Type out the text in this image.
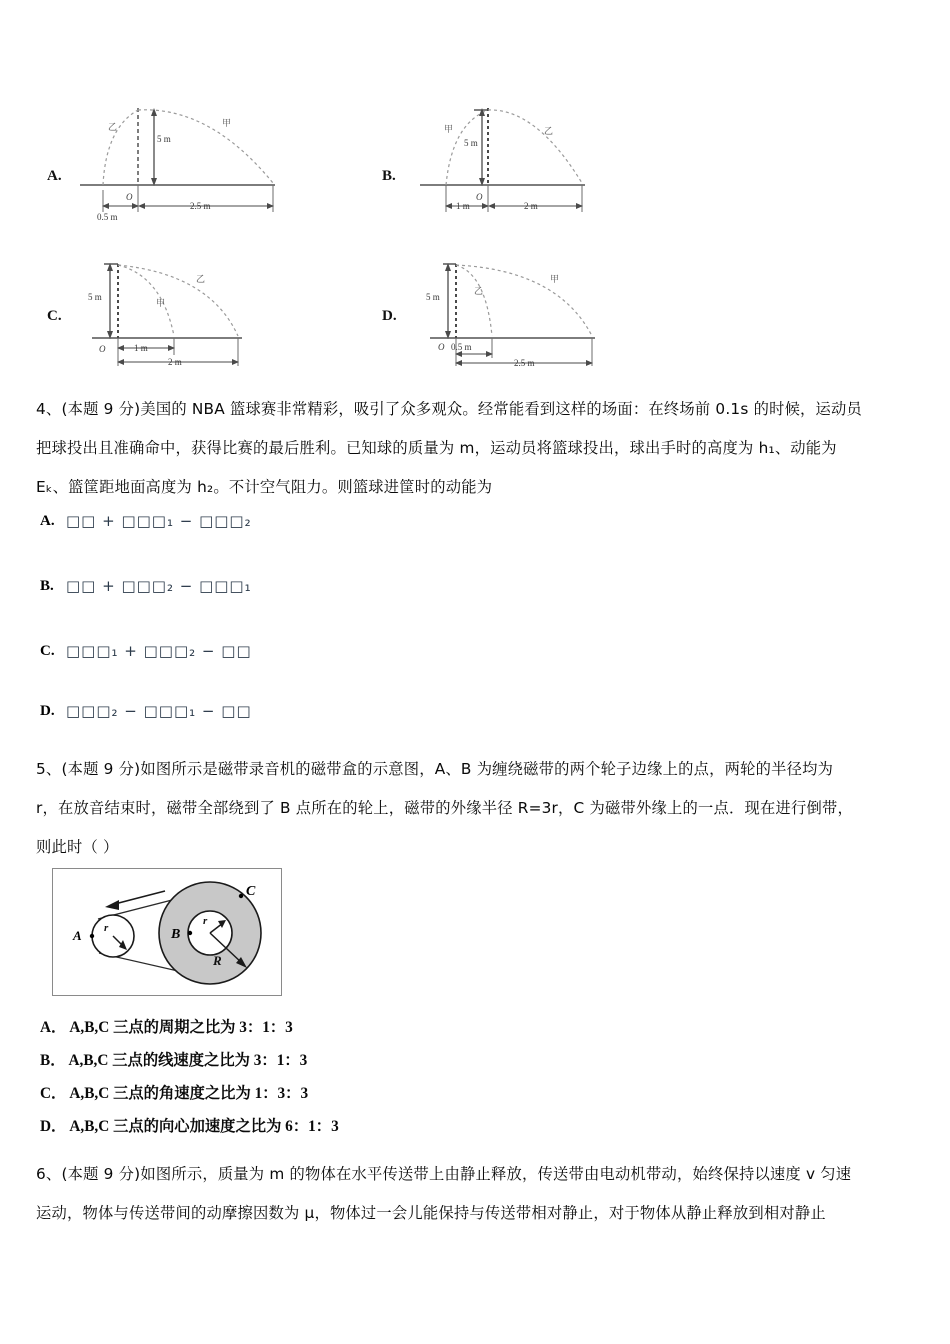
A.
5 m
O
0.5 m
2.5 m
乙	甲
B.
5 m
O
1 m	2 m
甲	乙
C.
5 m
O	1 m
2 m
甲
乙
D.
5 m
O 0.5 m
2.5 m
乙
甲
4、(本题 9 分)美国的 NBA 篮球赛非常精彩，吸引了众多观众。经常能看到这样的场面：在终场前 0.1s 的时候，运动员
把球投出且准确命中，获得比赛的最后胜利。已知球的质量为 m，运动员将篮球投出，球出手时的高度为 h₁、动能为
Eₖ、篮筐距地面高度为 h₂。不计空气阻力。则篮球进筐时的动能为
A. □□ + □□□₁ − □□□₂
B. □□ + □□□₂ − □□□₁
C. □□□₁ + □□□₂ − □□
D. □□□₂ − □□□₁ − □□
5、(本题 9 分)如图所示是磁带录音机的磁带盒的示意图，A、B 为缠绕磁带的两个轮子边缘上的点，两轮的半径均为
r，在放音结束时，磁带全部绕到了 B 点所在的轮上，磁带的外缘半径 R=3r，C 为磁带外缘上的一点．现在进行倒带，
则此时（ ）
r
A	B
r
R
C
A． A,B,C 三点的周期之比为 3：1：3
B． A,B,C 三点的线速度之比为 3：1：3
C． A,B,C 三点的角速度之比为 1：3：3
D． A,B,C 三点的向心加速度之比为 6：1：3
6、(本题 9 分)如图所示，质量为 m 的物体在水平传送带上由静止释放，传送带由电动机带动，始终保持以速度 v 匀速
运动，物体与传送带间的动摩擦因数为 μ，物体过一会儿能保持与传送带相对静止，对于物体从静止释放到相对静止
